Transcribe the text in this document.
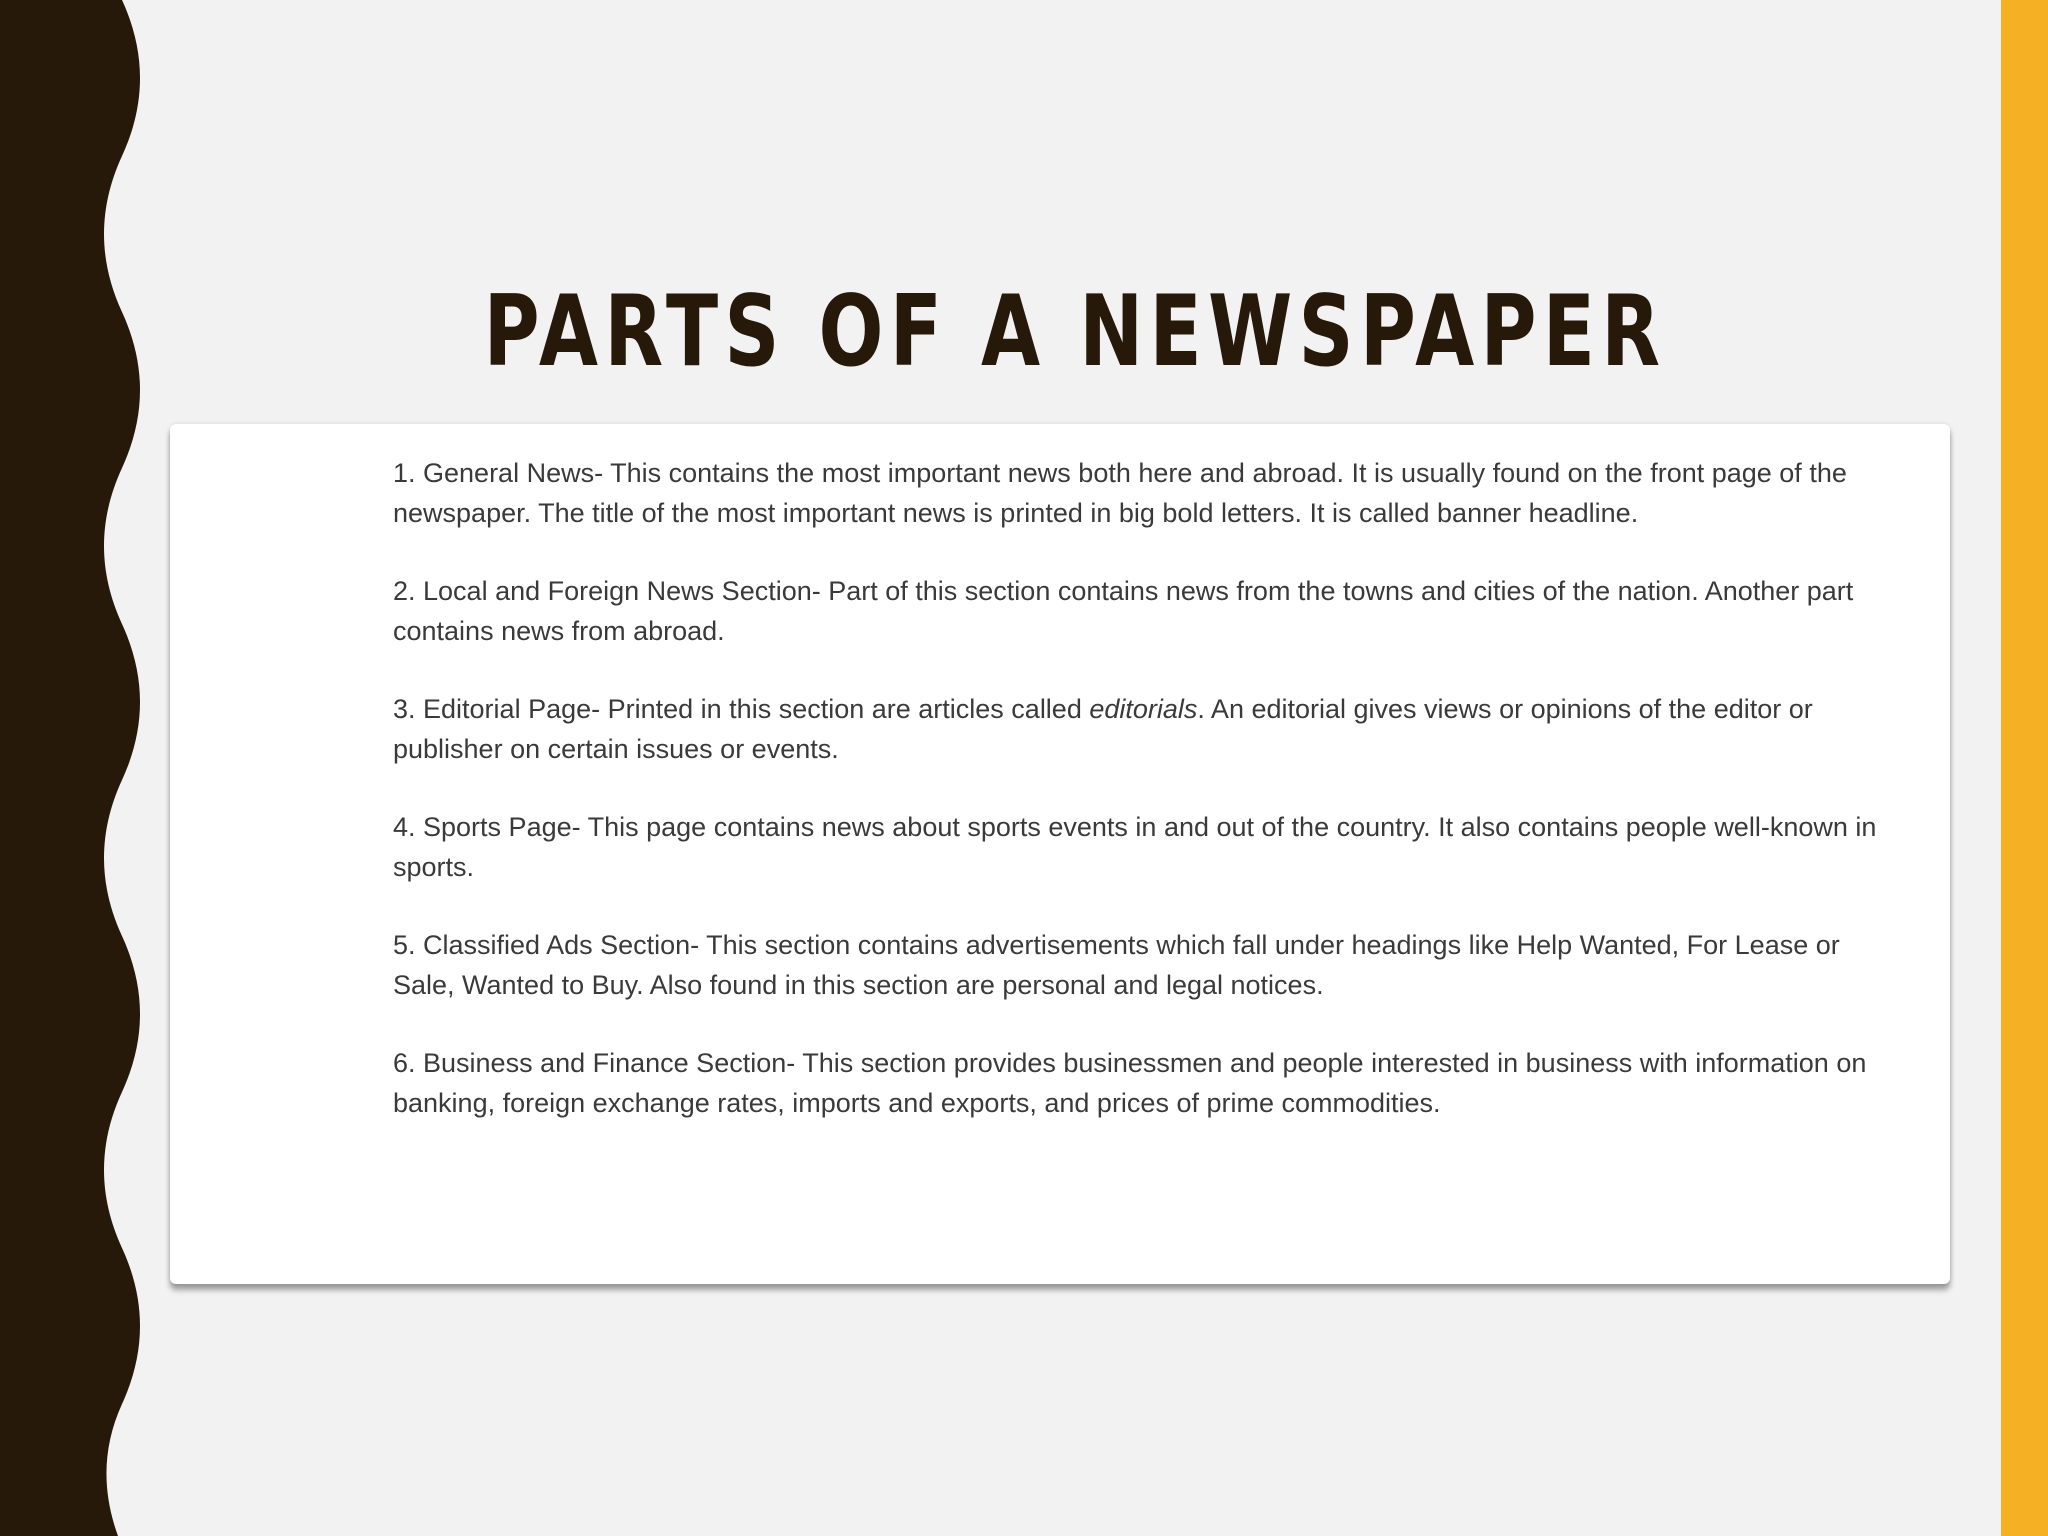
PARTS OF A NEWSPAPER
1. General News- This contains the most important news both here and abroad. It is usually found on the front page of the newspaper. The title of the most important news is printed in big bold letters. It is called banner headline.
2. Local and Foreign News Section- Part of this section contains news from the towns and cities of the nation. Another part contains news from abroad.
3. Editorial Page- Printed in this section are articles called editorials. An editorial gives views or opinions of the editor or publisher on certain issues or events.
4. Sports Page- This page contains news about sports events in and out of the country. It also contains people well-known in sports.
5. Classified Ads Section- This section contains advertisements which fall under headings like Help Wanted, For Lease or Sale, Wanted to Buy. Also found in this section are personal and legal notices.
6. Business and Finance Section- This section provides businessmen and people interested in business with information on banking, foreign exchange rates, imports and exports, and prices of prime commodities.
